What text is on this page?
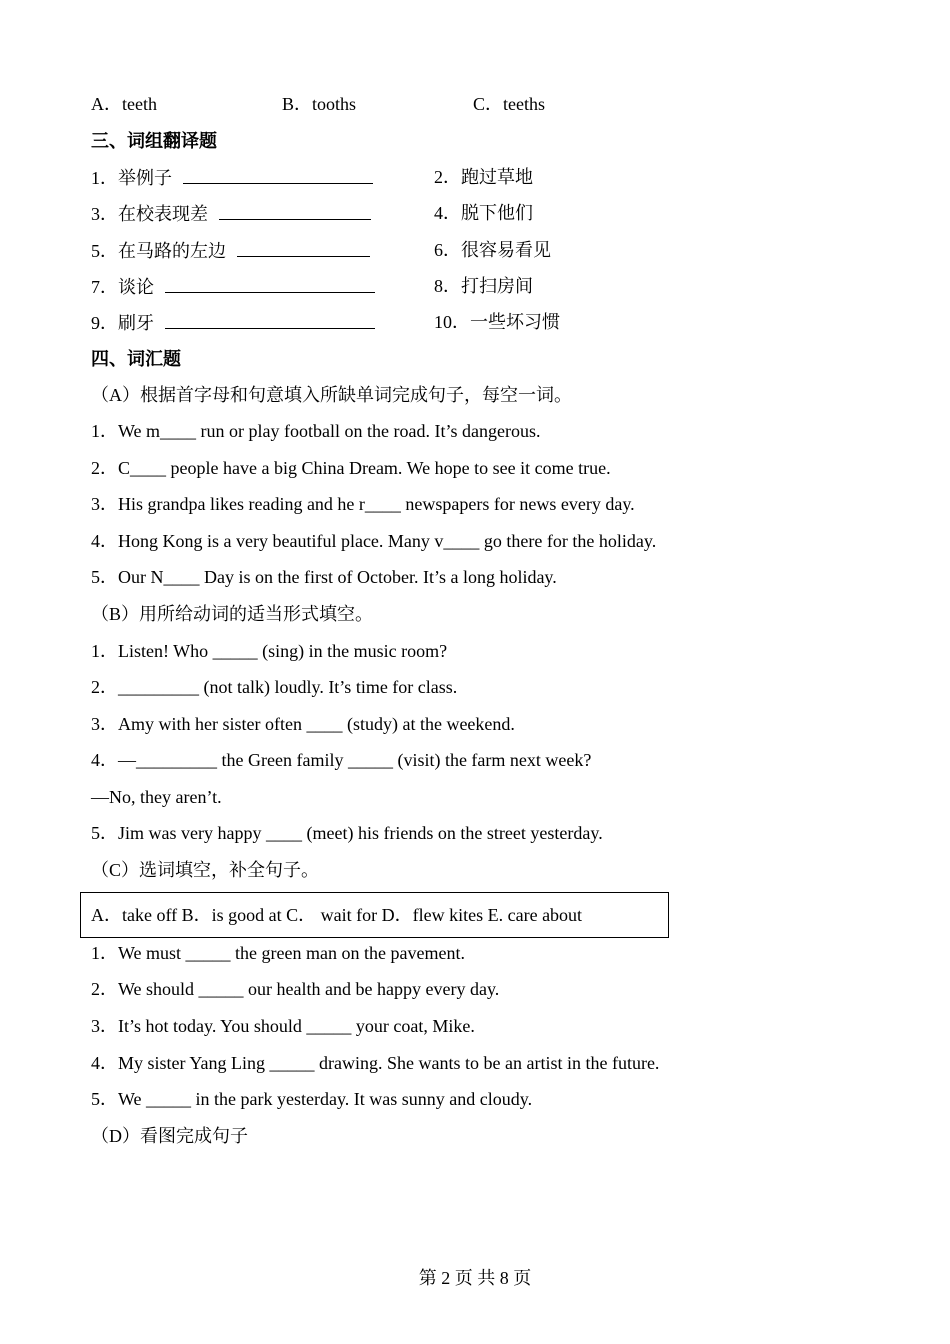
A．teeth	B．tooths	C．teeths
三、词组翻译题
1．举例子	2．跑过草地
3．在校表现差	4．脱下他们
5．在马路的左边	6．很容易看见
7．谈论	8．打扫房间
9．刷牙	10．一些坏习惯
四、词汇题
（A）根据首字母和句意填入所缺单词完成句子，每空一词。
1．We m____ run or play football on the road. It’s dangerous.
2．C____ people have a big China Dream. We hope to see it come true.
3．His grandpa likes reading and he r____ newspapers for news every day.
4．Hong Kong is a very beautiful place. Many v____ go there for the holiday.
5．Our N____ Day is on the first of October. It’s a long holiday.
（B）用所给动词的适当形式填空。
1．Listen! Who _____ (sing) in the music room?
2．_________ (not talk) loudly. It’s time for class.
3．Amy with her sister often ____ (study) at the weekend.
4．—_________ the Green family _____ (visit) the farm next week?
—No, they aren’t.
5．Jim was very happy ____ (meet) his friends on the street yesterday.
（C）选词填空，补全句子。
A．take off B．is good at C． wait for D．flew kites E. care about
1．We must _____ the green man on the pavement.
2．We should _____ our health and be happy every day.
3．It’s hot today. You should _____ your coat, Mike.
4．My sister Yang Ling _____ drawing. She wants to be an artist in the future.
5．We _____ in the park yesterday. It was sunny and cloudy.
（D）看图完成句子
第 2 页 共 8 页
